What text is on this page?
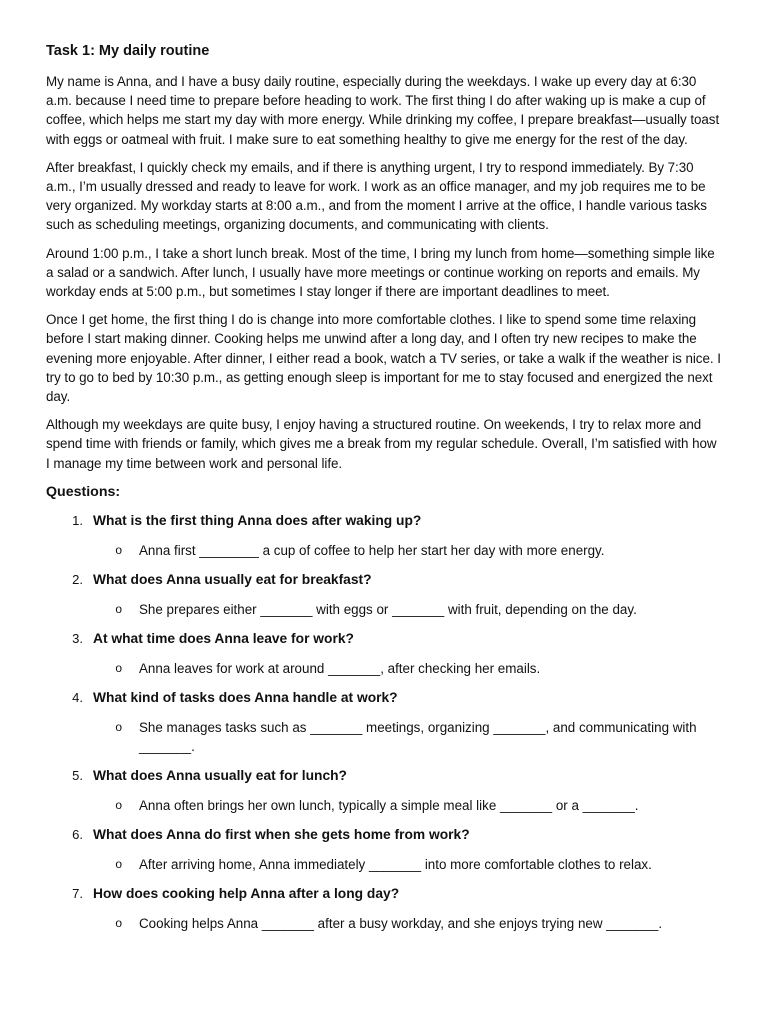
Task 1: My daily routine

My name is Anna, and I have a busy daily routine, especially during the weekdays. I wake up every day at 6:30 a.m. because I need time to prepare before heading to work. The first thing I do after waking up is make a cup of coffee, which helps me start my day with more energy. While drinking my coffee, I prepare breakfast—usually toast with eggs or oatmeal with fruit. I make sure to eat something healthy to give me energy for the rest of the day.

After breakfast, I quickly check my emails, and if there is anything urgent, I try to respond immediately. By 7:30 a.m., I’m usually dressed and ready to leave for work. I work as an office manager, and my job requires me to be very organized. My workday starts at 8:00 a.m., and from the moment I arrive at the office, I handle various tasks such as scheduling meetings, organizing documents, and communicating with clients.

Around 1:00 p.m., I take a short lunch break. Most of the time, I bring my lunch from home—something simple like a salad or a sandwich. After lunch, I usually have more meetings or continue working on reports and emails. My workday ends at 5:00 p.m., but sometimes I stay longer if there are important deadlines to meet.

Once I get home, the first thing I do is change into more comfortable clothes. I like to spend some time relaxing before I start making dinner. Cooking helps me unwind after a long day, and I often try new recipes to make the evening more enjoyable. After dinner, I either read a book, watch a TV series, or take a walk if the weather is nice. I try to go to bed by 10:30 p.m., as getting enough sleep is important for me to stay focused and energized the next day.

Although my weekdays are quite busy, I enjoy having a structured routine. On weekends, I try to relax more and spend time with friends or family, which gives me a break from my regular schedule. Overall, I’m satisfied with how I manage my time between work and personal life.

Questions:
1. What is the first thing Anna does after waking up?
o	Anna first ________ a cup of coffee to help her start her day with more energy.
2. What does Anna usually eat for breakfast?
o	She prepares either _______ with eggs or _______ with fruit, depending on the day.
3. At what time does Anna leave for work?
o	Anna leaves for work at around _______, after checking her emails.
4. What kind of tasks does Anna handle at work?
o	She manages tasks such as _______ meetings, organizing _______, and communicating with _______.
5. What does Anna usually eat for lunch?
o	Anna often brings her own lunch, typically a simple meal like _______ or a _______.
6. What does Anna do first when she gets home from work?
o	After arriving home, Anna immediately _______ into more comfortable clothes to relax.
7. How does cooking help Anna after a long day?
o	Cooking helps Anna _______ after a busy workday, and she enjoys trying new _______.
